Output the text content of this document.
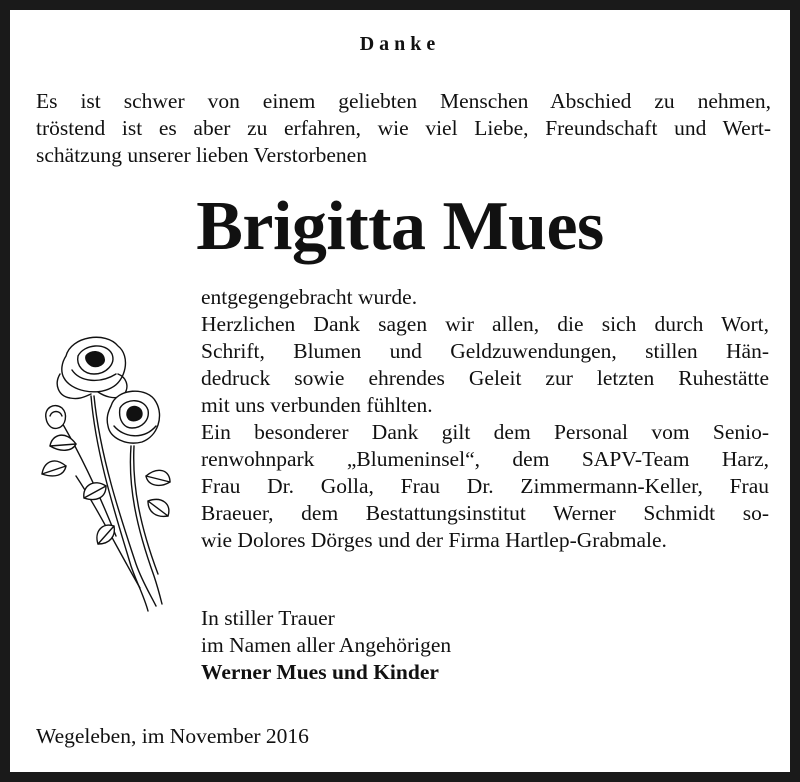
Danke
Es ist schwer von einem geliebten Menschen Abschied zu nehmen,
tröstend ist es aber zu erfahren, wie viel Liebe, Freundschaft und Wert-
schätzung unserer lieben Verstorbenen
Brigitta Mues
entgegengebracht wurde.
Herzlichen Dank sagen wir allen, die sich durch Wort,
Schrift, Blumen und Geldzuwendungen, stillen Hän-
dedruck sowie ehrendes Geleit zur letzten Ruhestätte
mit uns verbunden fühlten.
Ein besonderer Dank gilt dem Personal vom Senio-
renwohnpark „Blumeninsel“, dem SAPV-Team Harz,
Frau Dr. Golla, Frau Dr. Zimmermann-Keller, Frau
Braeuer, dem Bestattungsinstitut Werner Schmidt so-
wie Dolores Dörges und der Firma Hartlep-Grabmale.
In stiller Trauer
im Namen aller Angehörigen
Werner Mues und Kinder
Wegeleben, im November 2016
